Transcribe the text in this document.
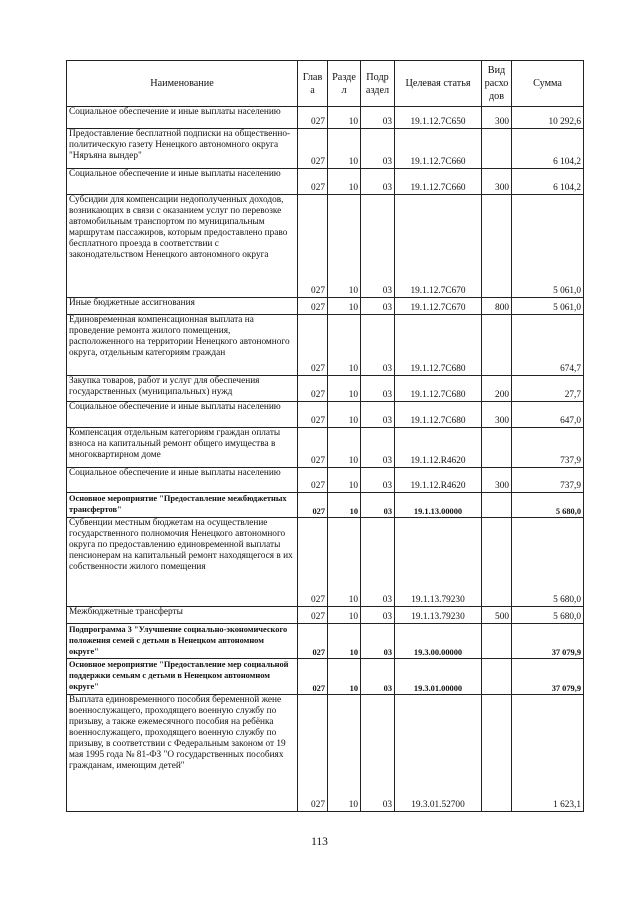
Наименование	Глав а	Разде л	Подр аздел	Целевая статья	Вид расхо дов	Сумма
Социальное обеспечение и иные выплаты населению	027	10	03	19.1.12.7С650	300	10 292,6
Предоставление бесплатной подписки на общественно-политическую газету Ненецкого автономного округа "Няръяна вындер"	027	10	03	19.1.12.7С660		6 104,2
Социальное обеспечение и иные выплаты населению	027	10	03	19.1.12.7С660	300	6 104,2
Субсидии для компенсации недополученных доходов, возникающих в связи с оказанием услуг по перевозке автомобильным транспортом по муниципальным маршрутам пассажиров, которым предоставлено право бесплатного проезда в соответствии с законодательством Ненецкого автономного округа	027	10	03	19.1.12.7С670		5 061,0
Иные бюджетные ассигнования	027	10	03	19.1.12.7С670	800	5 061,0
Единовременная компенсационная выплата на проведение ремонта жилого помещения, расположенного на территории Ненецкого автономного округа, отдельным категориям граждан	027	10	03	19.1.12.7С680		674,7
Закупка товаров, работ и услуг для обеспечения государственных (муниципальных) нужд	027	10	03	19.1.12.7С680	200	27,7
Социальное обеспечение и иные выплаты населению	027	10	03	19.1.12.7С680	300	647,0
Компенсация отдельным категориям граждан оплаты взноса на капитальный ремонт общего имущества в многоквартирном доме	027	10	03	19.1.12.R4620		737,9
Социальное обеспечение и иные выплаты населению	027	10	03	19.1.12.R4620	300	737,9
Основное мероприятие "Предоставление межбюджетных трансфертов"	027	10	03	19.1.13.00000		5 680,0
Субвенции местным бюджетам на осуществление государственного полномочия Ненецкого автономного округа по предоставлению единовременной выплаты пенсионерам на капитальный ремонт находящегося в их собственности жилого помещения	027	10	03	19.1.13.79230		5 680,0
Межбюджетные трансферты	027	10	03	19.1.13.79230	500	5 680,0
Подпрограмма 3 "Улучшение социально-экономического положения семей с детьми в Ненецком автономном округе"	027	10	03	19.3.00.00000		37 079,9
Основное мероприятие "Предоставление мер социальной поддержки семьям с детьми в Ненецком автономном округе"	027	10	03	19.3.01.00000		37 079,9
Выплата единовременного пособия беременной жене военнослужащего, проходящего военную службу по призыву, а также ежемесячного пособия на ребёнка военнослужащего, проходящего военную службу по призыву, в соответствии с Федеральным законом от 19 мая 1995 года № 81-ФЗ "О государственных пособиях гражданам, имеющим детей"	027	10	03	19.3.01.52700		1 623,1
113
